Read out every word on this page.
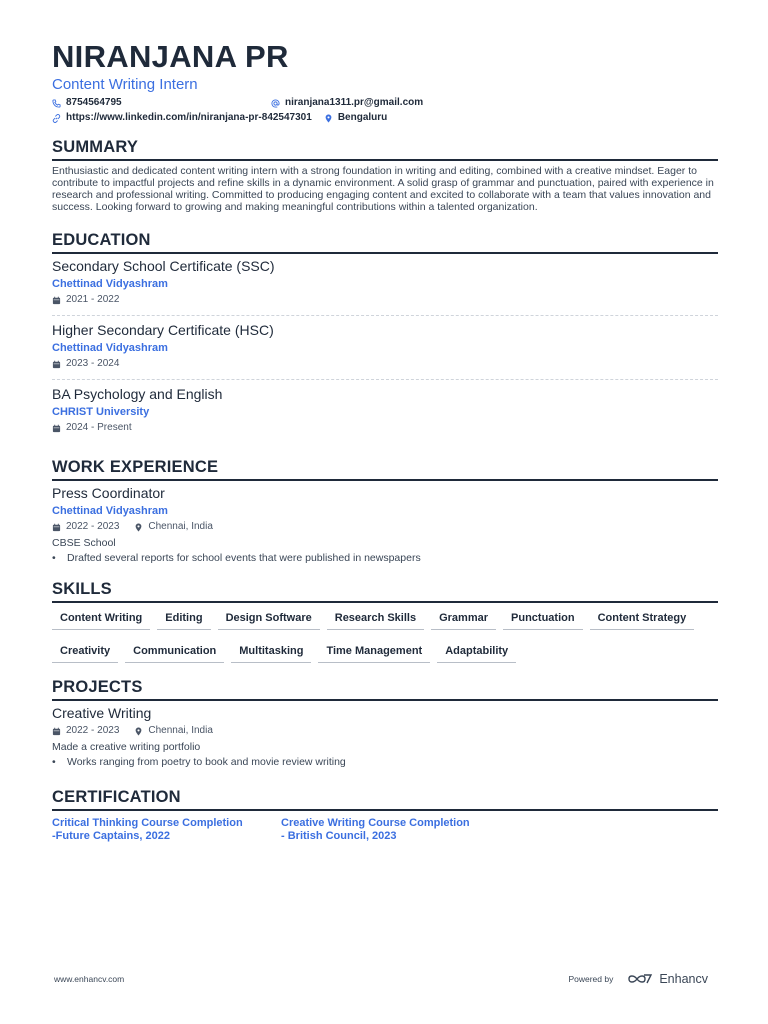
NIRANJANA PR
Content Writing Intern
8754564795	niranjana1311.pr@gmail.com
https://www.linkedin.com/in/niranjana-pr-842547301	Bengaluru
SUMMARY
Enthusiastic and dedicated content writing intern with a strong foundation in writing and editing, combined with a creative mindset. Eager to contribute to impactful projects and refine skills in a dynamic environment. A solid grasp of grammar and punctuation, paired with experience in research and professional writing. Committed to producing engaging content and excited to collaborate with a team that values innovation and success. Looking forward to growing and making meaningful contributions within a talented organization.
EDUCATION
Secondary School Certificate (SSC)
Chettinad Vidyashram
2021 - 2022
Higher Secondary Certificate (HSC)
Chettinad Vidyashram
2023 - 2024
BA Psychology and English
CHRIST University
2024 - Present
WORK EXPERIENCE
Press Coordinator
Chettinad Vidyashram
2022 - 2023	Chennai, India
CBSE School
•	Drafted several reports for school events that were published in newspapers
SKILLS
Content Writing	Editing	Design Software	Research Skills	Grammar	Punctuation	Content Strategy
Creativity	Communication	Multitasking	Time Management	Adaptability
PROJECTS
Creative Writing
2022 - 2023	Chennai, India
Made a creative writing portfolio
•	Works ranging from poetry to book and movie review writing
CERTIFICATION
Critical Thinking Course Completion
-Future Captains, 2022
Creative Writing Course Completion
- British Council, 2023
www.enhancv.com	Powered by	Enhancv
